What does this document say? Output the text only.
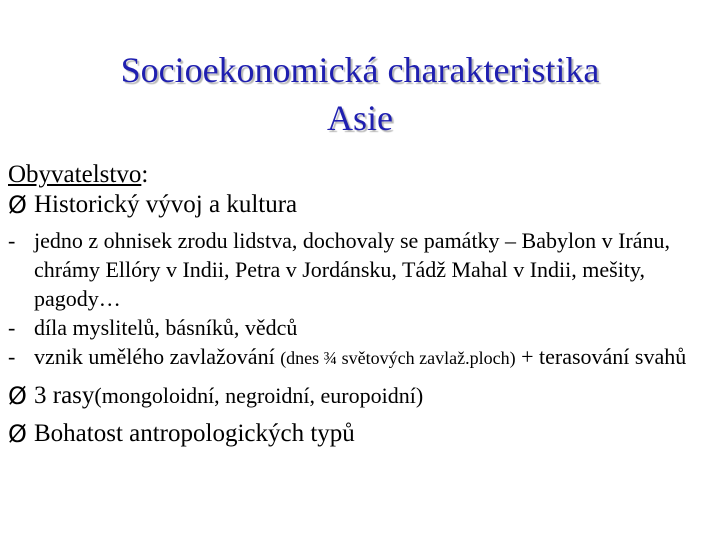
Socioekonomická charakteristika
Asie
Obyvatelstvo:
Ø Historický vývoj a kultura
- jedno z ohnisek zrodu lidstva, dochovaly se památky – Babylon v Iránu, chrámy Ellóry v Indii, Petra v Jordánsku, Tádž Mahal v Indii, mešity, pagody…
- díla myslitelů, básníků, vědců
- vznik umělého zavlažování (dnes ¾ světových zavlaž.ploch) + terasování svahů
Ø 3 rasy (mongoloidní, negroidní, europoidní)
Ø Bohatost antropologických typů
